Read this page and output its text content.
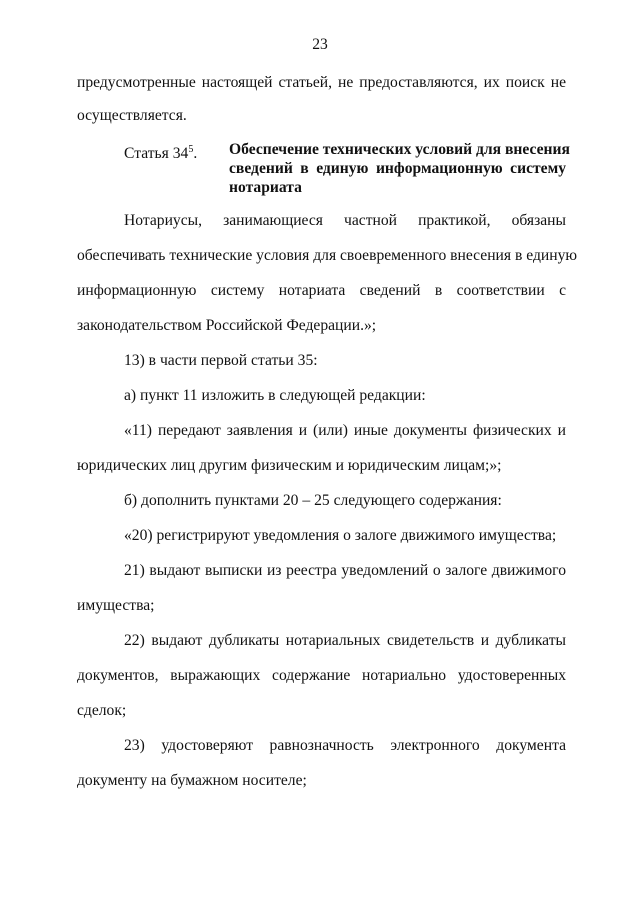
23
предусмотренные настоящей статьей, не предоставляются, их поиск не
осуществляется.
Статья $34^5$. Обеспечение технических условий для внесения
сведений в единую информационную систему
нотариата
Нотариусы, занимающиеся частной практикой, обязаны
обеспечивать технические условия для своевременного внесения в единую
информационную систему нотариата сведений в соответствии с
законодательством Российской Федерации.»;
13) в части первой статьи 35:
а) пункт 11 изложить в следующей редакции:
«11) передают заявления и (или) иные документы физических и
юридических лиц другим физическим и юридическим лицам;»;
б) дополнить пунктами 20 – 25 следующего содержания:
«20) регистрируют уведомления о залоге движимого имущества;
21) выдают выписки из реестра уведомлений о залоге движимого
имущества;
22) выдают дубликаты нотариальных свидетельств и дубликаты
документов, выражающих содержание нотариально удостоверенных
сделок;
23) удостоверяют равнозначность электронного документа
документу на бумажном носителе;
